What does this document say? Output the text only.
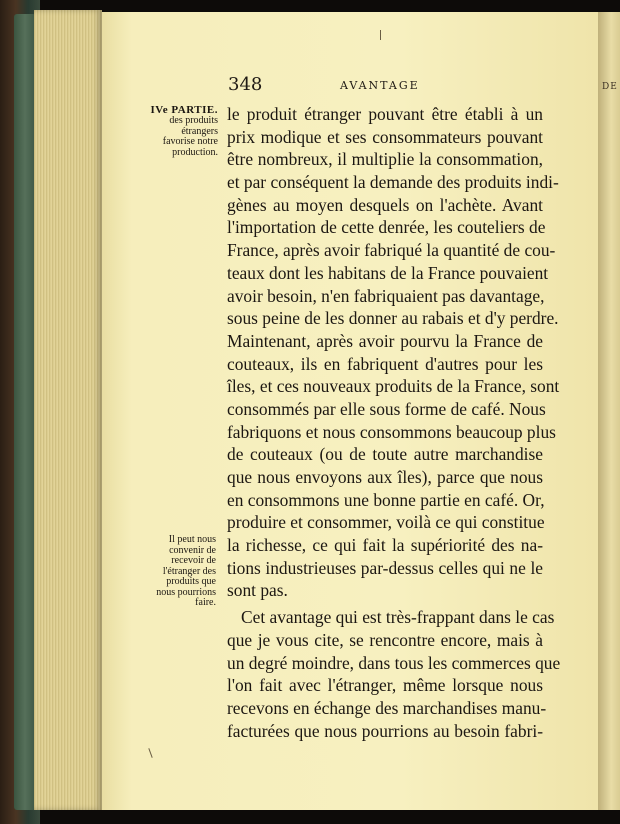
DE
348	AVANTAGE
IVe PARTIE.
des produits
étrangers
favorise notre
production.
Il peut nous
convenir de
recevoir de
l'étranger des
produits que
nous pourrions
faire.
le produit étranger pouvant être établi à un
prix modique et ses consommateurs pouvant
être nombreux, il multiplie la consommation,
et par conséquent la demande des produits indi-
gènes au moyen desquels on l'achète. Avant
l'importation de cette denrée, les couteliers de
France, après avoir fabriqué la quantité de cou-
teaux dont les habitans de la France pouvaient
avoir besoin, n'en fabriquaient pas davantage,
sous peine de les donner au rabais et d'y perdre.
Maintenant, après avoir pourvu la France de
couteaux, ils en fabriquent d'autres pour les
îles, et ces nouveaux produits de la France, sont
consommés par elle sous forme de café. Nous
fabriquons et nous consommons beaucoup plus
de couteaux (ou de toute autre marchandise
que nous envoyons aux îles), parce que nous
en consommons une bonne partie en café. Or,
produire et consommer, voilà ce qui constitue
la richesse, ce qui fait la supériorité des na-
tions industrieuses par-dessus celles qui ne le
sont pas.
Cet avantage qui est très-frappant dans le cas
que je vous cite, se rencontre encore, mais à
un degré moindre, dans tous les commerces que
l'on fait avec l'étranger, même lorsque nous
recevons en échange des marchandises manu-
facturées que nous pourrions au besoin fabri-
